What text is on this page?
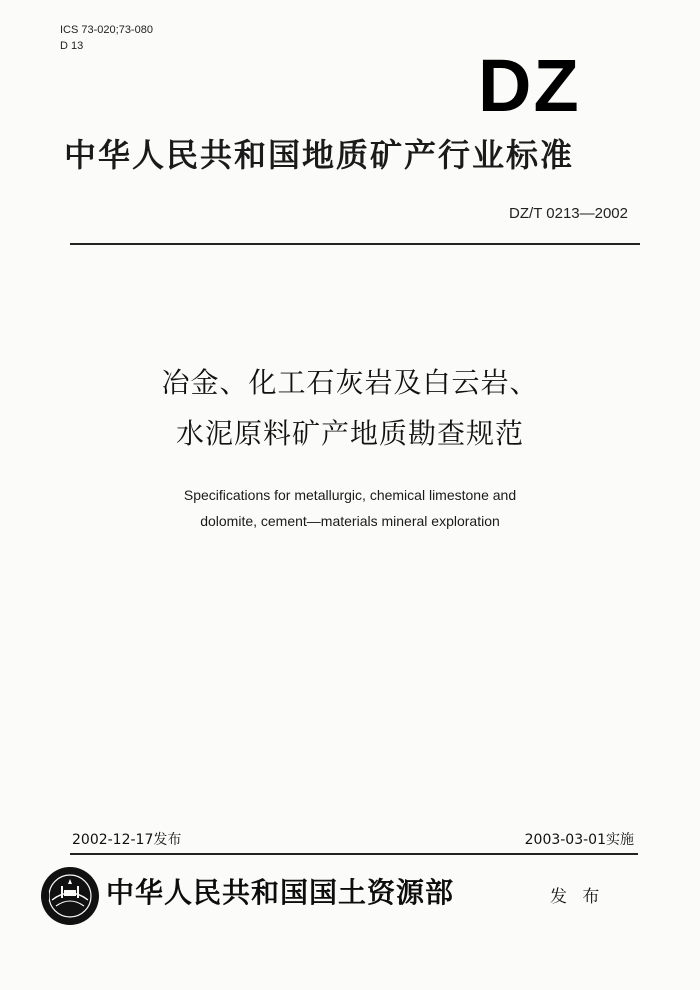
ICS 73-020;73-080
D 13	DZ
中华人民共和国地质矿产行业标准
DZ/T 0213—2002
冶金、化工石灰岩及白云岩、
水泥原料矿产地质勘查规范
Specifications for metallurgic, chemical limestone and
dolomite, cement—materials mineral exploration
2002-12-17发布	2003-03-01实施
中华人民共和国国土资源部	发 布
